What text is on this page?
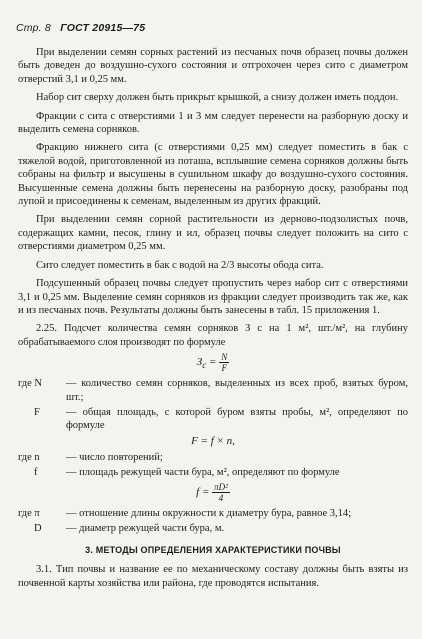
Стр. 8 ГОСТ 20915—75

При выделении семян сорных растений из песчаных почв образец почвы должен быть доведен до воздушно-сухого состояния и отгрохочен через сито с диаметром отверстий 3,1 и 0,25 мм.

Набор сит сверху должен быть прикрыт крышкой, а снизу должен иметь поддон.

Фракции с сита с отверстиями 1 и 3 мм следует перенести на разборную доску и выделить семена сорняков.

Фракцию нижнего сита (с отверстиями 0,25 мм) следует поместить в бак с тяжелой водой, приготовленной из поташа, всплывшие семена сорняков должны быть собраны на фильтр и высушены в сушильном шкафу до воздушно-сухого состояния. Высушенные семена должны быть перенесены на разборную доску, разобраны под лупой и присоединены к семенам, выделенным из других фракций.

При выделении семян сорной растительности из дерново-подзолистых почв, содержащих камни, песок, глину и ил, образец почвы следует положить на сито с отверстиями диаметром 0,25 мм.

Сито следует поместить в бак с водой на 2/3 высоты обода сита.

Подсушенный образец почвы следует пропустить через набор сит с отверстиями 3,1 и 0,25 мм. Выделение семян сорняков из фракции следует производить так же, как и из песчаных почв. Результаты должны быть занесены в табл. 15 приложения 1.

2.25. Подсчет количества семян сорняков З с на 1 м², шт./м², на глубину обрабатываемого слоя производят по формуле

$З_с = \frac{N}{F}$
где N	— количество семян сорняков, выделенных из всех проб, взятых буром, шт.;
F	— общая площадь, с которой буром взяты пробы, м², определяют по формуле
F = f × n,
где n	— число повторений;
f	— площадь режущей части бура, м², определяют по формуле
$f = \frac{\text{πD²}}{4}$
где π	— отношение длины окружности к диаметру бура, равное 3,14;
D	— диаметр режущей части бура, м.
3. МЕТОДЫ ОПРЕДЕЛЕНИЯ ХАРАКТЕРИСТИКИ ПОЧВЫ

3.1. Тип почвы и название ее по механическому составу должны быть взяты из почвенной карты хозяйства или района, где проводятся испытания.
